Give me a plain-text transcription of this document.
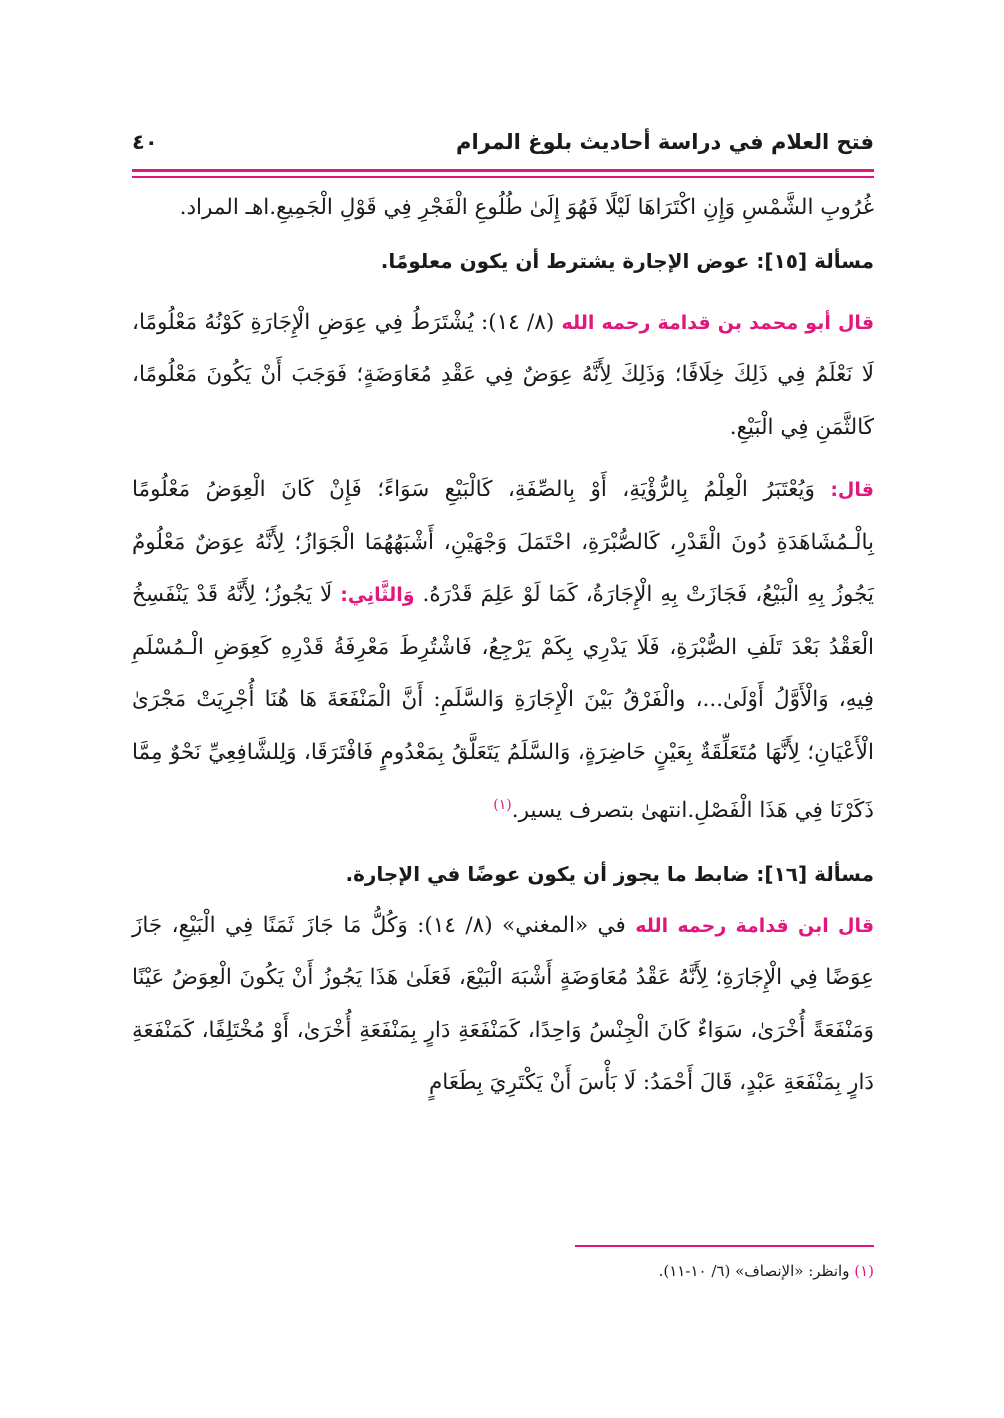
فتح العلام في دراسة أحاديث بلوغ المرام
٤٠

غُرُوبِ الشَّمْسِ وَإِنِ اكْتَرَاهَا لَيْلًا فَهُوَ إِلَىٰ طُلُوعِ الْفَجْرِ فِي قَوْلِ الْجَمِيعِ.اهـ المراد.

مسألة [١٥]: عوض الإجارة يشترط أن يكون معلومًا.

قال أبو محمد بن قدامة رحمه الله (٨/ ١٤): يُشْتَرَطُ فِي عِوَضِ الْإِجَارَةِ كَوْنُهُ مَعْلُومًا، لَا نَعْلَمُ فِي ذَلِكَ خِلَافًا؛ وَذَلِكَ لِأَنَّهُ عِوَضٌ فِي عَقْدِ مُعَاوَضَةٍ؛ فَوَجَبَ أَنْ يَكُونَ مَعْلُومًا، كَالثَّمَنِ فِي الْبَيْعِ.

قال: وَيُعْتَبَرُ الْعِلْمُ بِالرُّؤْيَةِ، أَوْ بِالصِّفَةِ، كَالْبَيْعِ سَوَاءً؛ فَإِنْ كَانَ الْعِوَضُ مَعْلُومًا بِالْـمُشَاهَدَةِ دُونَ الْقَدْرِ، كَالصُّبْرَةِ، احْتَمَلَ وَجْهَيْنِ، أَشْبَهُهُمَا الْجَوَازُ؛ لِأَنَّهُ عِوَضٌ مَعْلُومٌ يَجُوزُ بِهِ الْبَيْعُ، فَجَازَتْ بِهِ الْإِجَارَةُ، كَمَا لَوْ عَلِمَ قَدْرَهُ. وَالثَّانِي: لَا يَجُوزُ؛ لِأَنَّهُ قَدْ يَنْفَسِخُ الْعَقْدُ بَعْدَ تَلَفِ الصُّبْرَةِ، فَلَا يَدْرِي بِكَمْ يَرْجِعُ، فَاشْتُرِطَ مَعْرِفَةُ قَدْرِهِ كَعِوَضِ الْـمُسْلَمِ فِيهِ، وَالْأَوَّلُ أَوْلَىٰ...، والْفَرْقُ بَيْنَ الْإِجَارَةِ وَالسَّلَمِ: أَنَّ الْمَنْفَعَةَ هَا هُنَا أُجْرِيَتْ مَجْرَىٰ الْأَعْيَانِ؛ لِأَنَّهَا مُتَعَلِّقَةٌ بِعَيْنٍ حَاضِرَةٍ، وَالسَّلَمُ يَتَعَلَّقُ بِمَعْدُومٍ فَافْتَرَقَا، وَلِلشَّافِعِيِّ نَحْوٌ مِمَّا ذَكَرْنَا فِي هَذَا الْفَصْلِ.انتهىٰ بتصرف يسير.$^{(١)}$

مسألة [١٦]: ضابط ما يجوز أن يكون عوضًا في الإجارة.

قال ابن قدامة رحمه الله في «المغني» (٨/ ١٤): وَكُلُّ مَا جَازَ ثَمَنًا فِي الْبَيْعِ، جَازَ عِوَضًا فِي الْإِجَارَةِ؛ لِأَنَّهُ عَقْدُ مُعَاوَضَةٍ أَشْبَهَ الْبَيْعَ، فَعَلَىٰ هَذَا يَجُوزُ أَنْ يَكُونَ الْعِوَضُ عَيْنًا وَمَنْفَعَةً أُخْرَىٰ، سَوَاءٌ كَانَ الْجِنْسُ وَاحِدًا، كَمَنْفَعَةِ دَارٍ بِمَنْفَعَةِ أُخْرَىٰ، أَوْ مُخْتَلِفًا، كَمَنْفَعَةِ دَارٍ بِمَنْفَعَةِ عَبْدٍ، قَالَ أَحْمَدُ: لَا بَأْسَ أَنْ يَكْتَرِيَ بِطَعَامٍ

(١) وانظر: «الإنصاف» (٦/ ١٠-١١).
